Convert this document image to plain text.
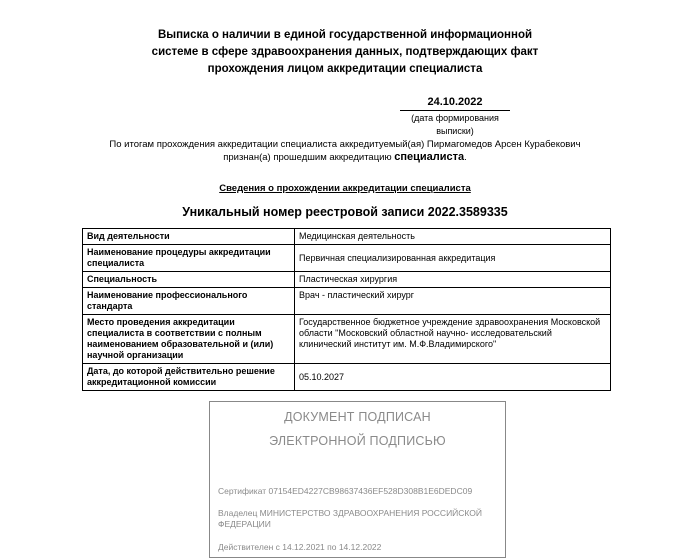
Выписка о наличии в единой государственной информационной
системе в сфере здравоохранения данных, подтверждающих факт
прохождения лицом аккредитации специалиста
24.10.2022
(дата формирования выписки)
По итогам прохождения аккредитации специалиста аккредитуемый(ая) Пирмагомедов Арсен Курабекович
признан(а) прошедшим аккредитацию специалиста.
Сведения о прохождении аккредитации специалиста
Уникальный номер реестровой записи 2022.3589335
Вид деятельности	Медицинская деятельность
Наименование процедуры аккредитации специалиста	Первичная специализированная аккредитация
Специальность	Пластическая хирургия
Наименование профессионального стандарта	Врач - пластический хирург
Место проведения аккредитации специалиста в соответствии с полным наименованием образовательной и (или) научной организации	Государственное бюджетное учреждение здравоохранения Московской области "Московский областной научно- исследовательский клинический институт им. М.Ф.Владимирского"
Дата, до которой действительно решение аккредитационной комиссии	05.10.2027
ДОКУМЕНТ ПОДПИСАН
ЭЛЕКТРОННОЙ ПОДПИСЬЮ
Сертификат 07154ED4227CB98637436EF528D308B1E6DEDC09
Владелец МИНИСТЕРСТВО ЗДРАВООХРАНЕНИЯ РОССИЙСКОЙ ФЕДЕРАЦИИ
Действителен с 14.12.2021 по 14.12.2022
